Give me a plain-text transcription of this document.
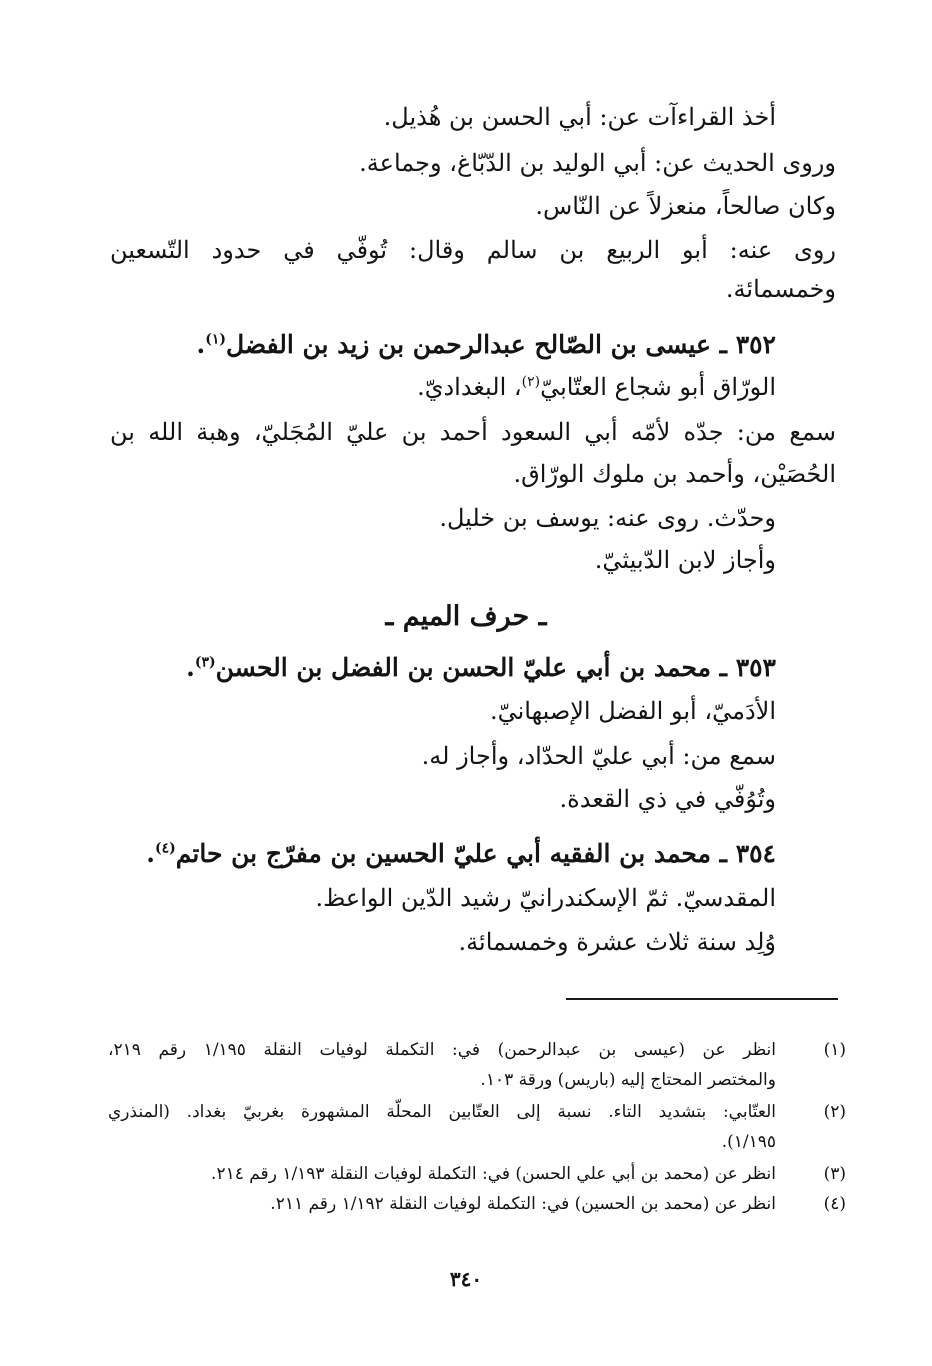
أخذ القراءآت عن: أبي الحسن بن هُذيل.
وروى الحديث عن: أبي الوليد بن الدّبّاغ، وجماعة.
وكان صالحاً، منعزلاً عن النّاس.
روى عنه: أبو الربيع بن سالم وقال: تُوفّي في حدود التّسعين
وخمسمائة.
٣٥٢ ـ عيسى بن الصّالح عبدالرحمن بن زيد بن الفضل$^{(١)}$.
الورّاق أبو شجاع العتّابيّ$^{(٢)}$، البغداديّ.
سمع من: جدّه لأمّه أبي السعود أحمد بن عليّ المُجَليّ، وهبة الله بن
الحُصَيْن، وأحمد بن ملوك الورّاق.
وحدّث. روى عنه: يوسف بن خليل.
وأجاز لابن الدّبيثيّ.
ـ حرف الميم ـ
٣٥٣ ـ محمد بن أبي عليّ الحسن بن الفضل بن الحسن$^{(٣)}$.
الأدَميّ، أبو الفضل الإصبهانيّ.
سمع من: أبي عليّ الحدّاد، وأجاز له.
وتُوُفّي في ذي القعدة.
٣٥٤ ـ محمد بن الفقيه أبي عليّ الحسين بن مفرّج بن حاتم$^{(٤)}$.
المقدسيّ. ثمّ الإسكندرانيّ رشيد الدّين الواعظ.
وُلِد سنة ثلاث عشرة وخمسمائة.
(١)
انظر عن (عيسى بن عبدالرحمن) في: التكملة لوفيات النقلة ١/١٩٥ رقم ٢١٩،
والمختصر المحتاج إليه (باريس) ورقة ١٠٣.
(٢)
العتّابي: بتشديد التاء. نسبة إلى العتّابين المحلّة المشهورة بغربيّ بغداد. (المنذري
١/١٩٥).
(٣)
انظر عن (محمد بن أبي علي الحسن) في: التكملة لوفيات النقلة ١/١٩٣ رقم ٢١٤.
(٤)
انظر عن (محمد بن الحسين) في: التكملة لوفيات النقلة ١/١٩٢ رقم ٢١١.
٣٤٠
